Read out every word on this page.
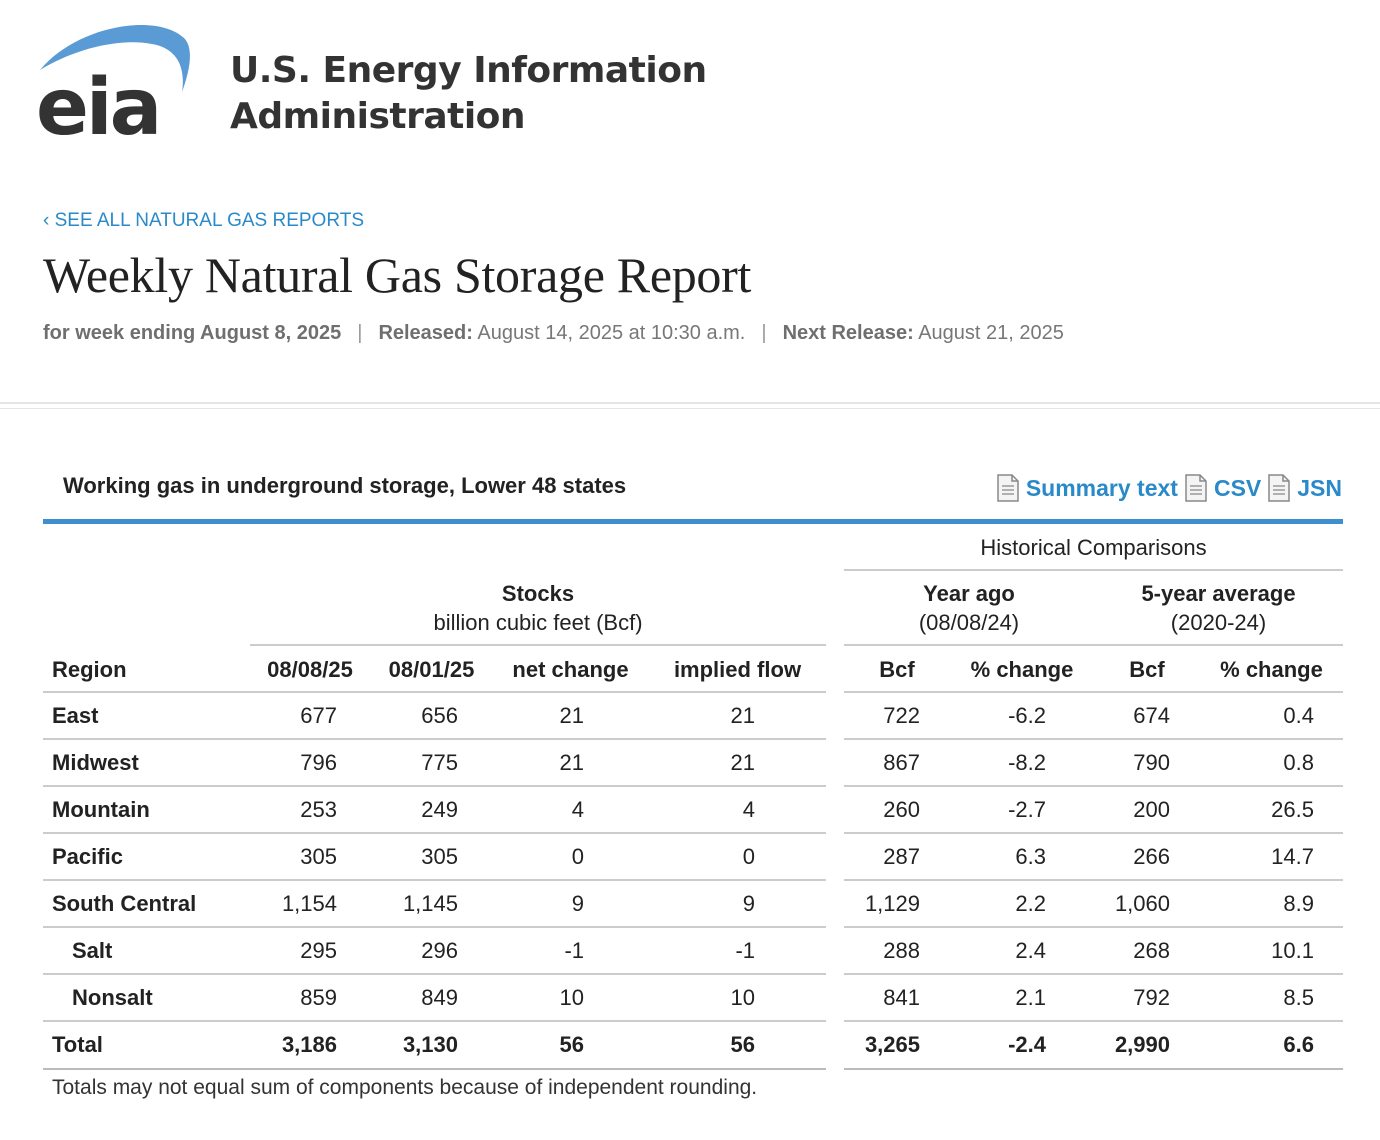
eia U.S. Energy Information
Administration
‹ SEE ALL NATURAL GAS REPORTS
Weekly Natural Gas Storage Report
for week ending August 8, 2025 | Released: August 14, 2025 at 10:30 a.m. | Next Release: August 21, 2025
Working gas in underground storage, Lower 48 states	Summary text CSV JSN
Historical Comparisons
Stocks
billion cubic feet (Bcf)
Year ago
(08/08/24)
5-year average
(2020-24)
Region	08/08/25	08/01/25	net change	implied flow	Bcf	% change	Bcf	% change
East	677	656	21	21	722	-6.2	674	0.4
Midwest	796	775	21	21	867	-8.2	790	0.8
Mountain	253	249	4	4	260	-2.7	200	26.5
Pacific	305	305	0	0	287	6.3	266	14.7
South Central	1,154	1,145	9	9	1,129	2.2	1,060	8.9
Salt	295	296	-1	-1	288	2.4	268	10.1
Nonsalt	859	849	10	10	841	2.1	792	8.5
Total	3,186	3,130	56	56	3,265	-2.4	2,990	6.6
Totals may not equal sum of components because of independent rounding.
